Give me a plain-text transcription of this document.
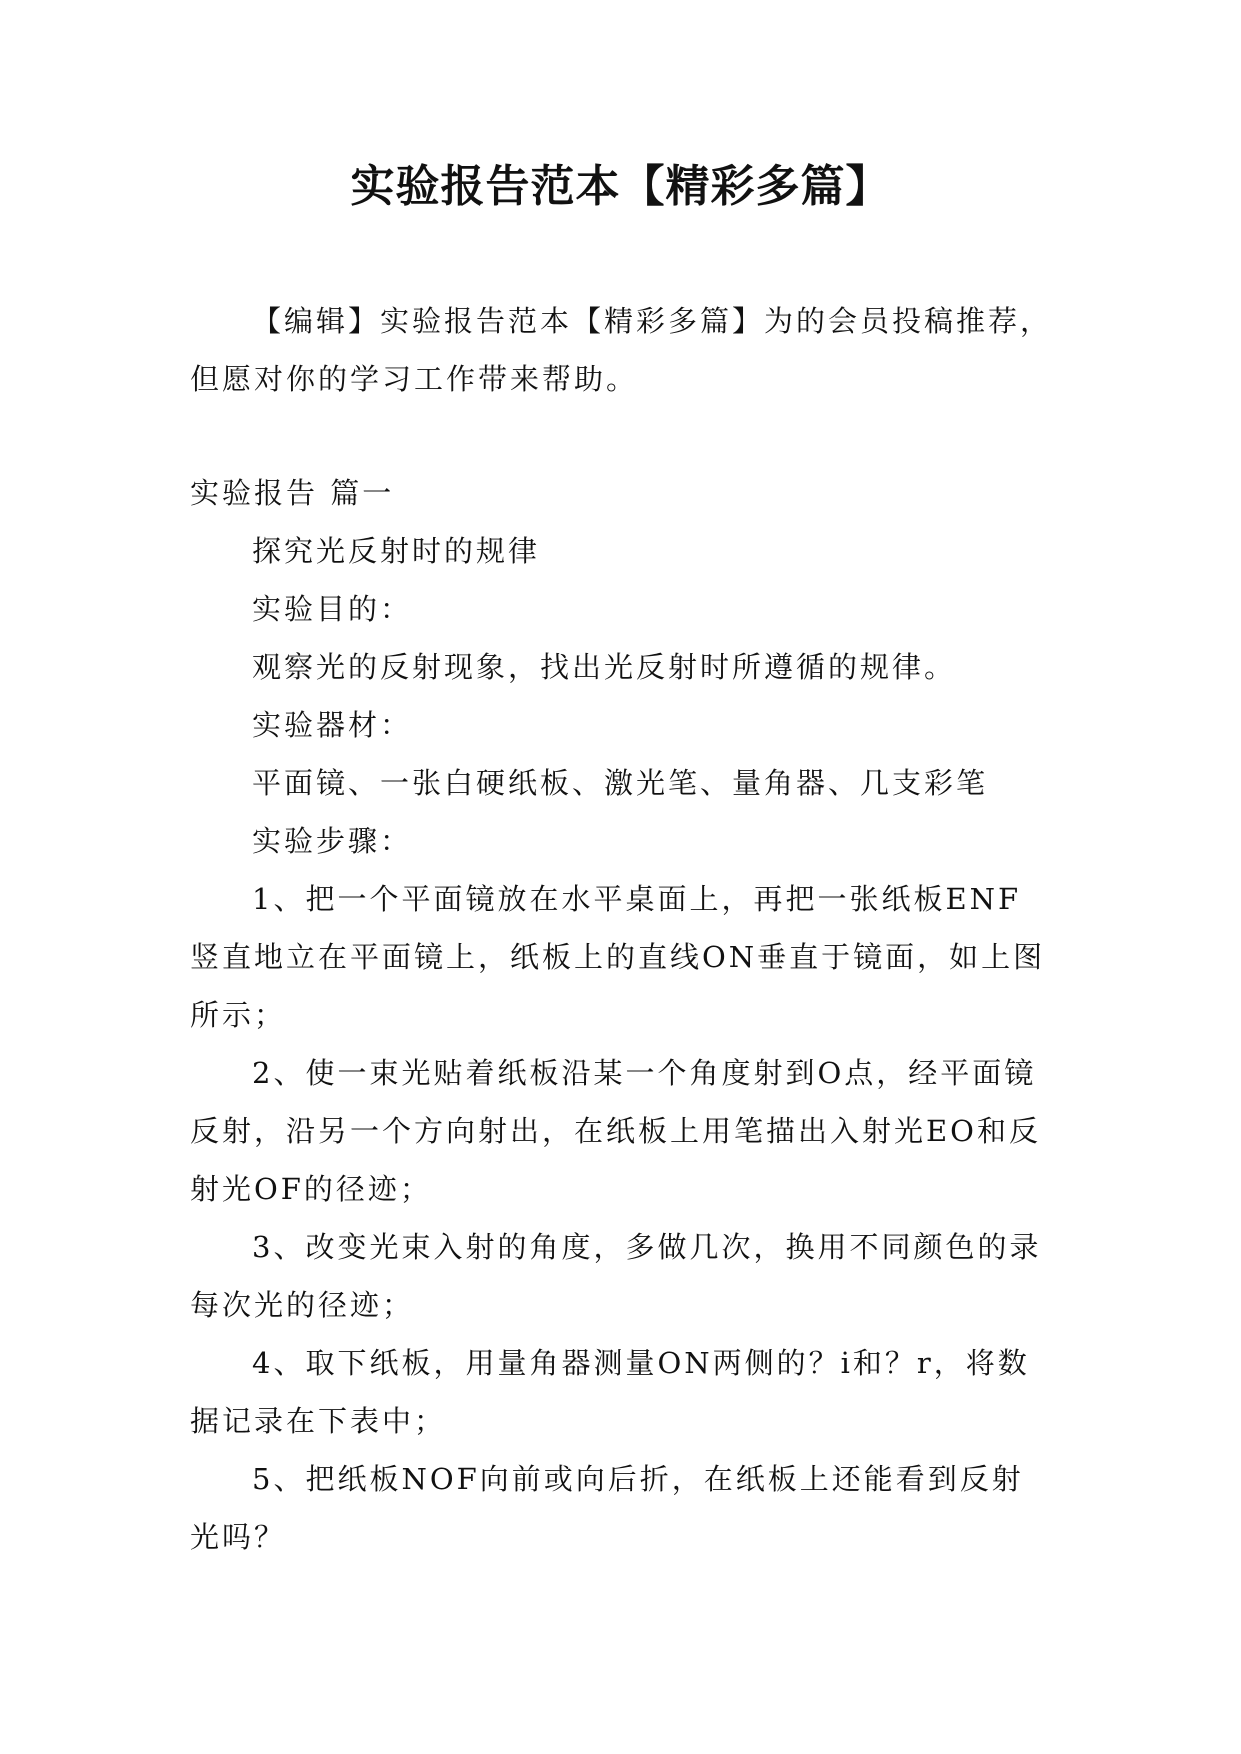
实验报告范本【精彩多篇】

【编辑】实验报告范本【精彩多篇】为的会员投稿推荐，但愿对你的学习工作带来帮助。

实验报告 篇一

探究光反射时的规律

实验目的：

观察光的反射现象，找出光反射时所遵循的规律。

实验器材：

平面镜、一张白硬纸板、激光笔、量角器、几支彩笔

实验步骤：

1、把一个平面镜放在水平桌面上，再把一张纸板ENF竖直地立在平面镜上，纸板上的直线ON垂直于镜面，如上图所示；

2、使一束光贴着纸板沿某一个角度射到O点，经平面镜反射，沿另一个方向射出，在纸板上用笔描出入射光EO和反射光OF的径迹；

3、改变光束入射的角度，多做几次，换用不同颜色的录每次光的径迹；

4、取下纸板，用量角器测量ON两侧的？i和？r，将数据记录在下表中；

5、把纸板NOF向前或向后折，在纸板上还能看到反射光吗？
